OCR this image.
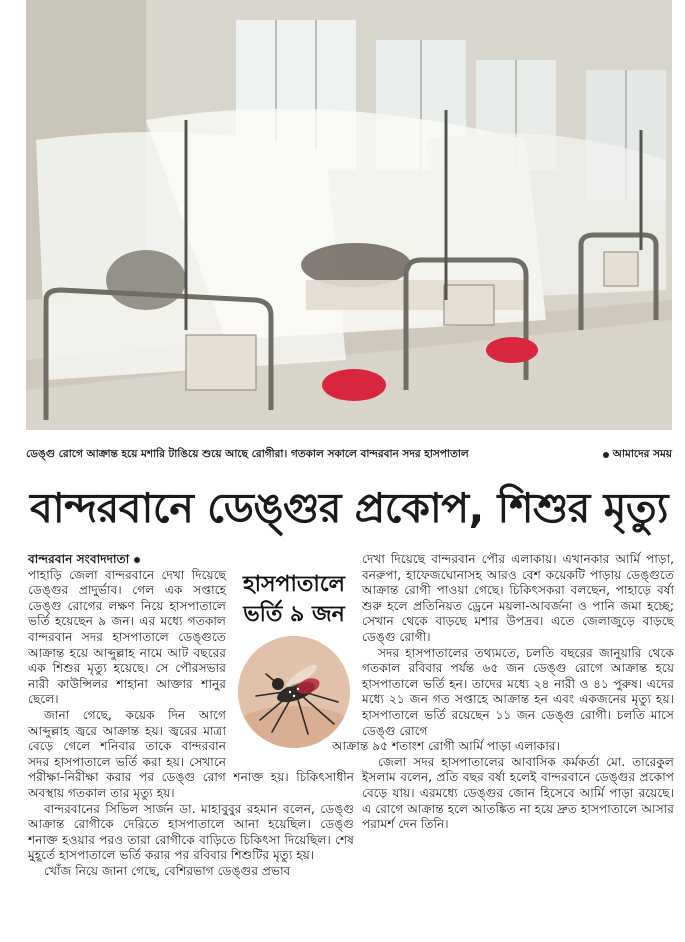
ডেঙ্গু রোগে আক্রান্ত হয়ে মশারি টাঙিয়ে শুয়ে আছে রোগীরা। গতকাল সকালে বান্দরবান সদর হাসপাতাল	আমাদের সময়
বান্দরবানে ডেঙ্গুর প্রকোপ, শিশুর মৃত্যু
বান্দরবান সংবাদদাতা
হাসপাতালে
ভর্তি ৯ জন

পাহাড়ি জেলা বান্দরবানে দেখা দিয়েছে ডেঙ্গুর প্রাদুর্ভাব। গেল এক সপ্তাহে ডেঙ্গু রোগের লক্ষণ নিয়ে হাসপাতালে ভর্তি হয়েছেন ৯ জন। এর মধ্যে গতকাল বান্দরবান সদর হাসপাতালে ডেঙ্গুতে আক্রান্ত হয়ে আব্দুল্লাহ নামে আট বছরের এক শিশুর মৃত্যু হয়েছে। সে পৌরসভার নারী কাউন্সিলর শাহানা আক্তার শানুর ছেলে।

জানা গেছে, কয়েক দিন আগে আব্দুল্লাহ জ্বরে আক্রান্ত হয়। জ্বরের মাত্রা বেড়ে গেলে শনিবার তাকে বান্দরবান সদর হাসপাতালে ভর্তি করা হয়। সেখানে পরীক্ষা-নিরীক্ষা করার পর ডেঙ্গু রোগ শনাক্ত হয়। চিকিৎসাধীন অবস্থায় গতকাল তার মৃত্যু হয়।

বান্দরবানের সিভিল সার্জন ডা. মাহাবুবুর রহমান বলেন, ডেঙ্গু আক্রান্ত রোগীকে দেরিতে হাসপাতালে আনা হয়েছিল। ডেঙ্গু শনাক্ত হওয়ার পরও তারা রোগীকে বাড়িতে চিকিৎসা দিয়েছিল। শেষ মুহূর্তে হাসপাতালে ভর্তি করার পর রবিবার শিশুটির মৃত্যু হয়।

খোঁজ নিয়ে জানা গেছে, বেশিরভাগ ডেঙ্গুর প্রভাব

দেখা দিয়েছে বান্দরবান পৌর এলাকায়। এখানকার আর্মি পাড়া, বনরুপা, হাফেজঘোনাসহ আরও বেশ কয়েকটি পাড়ায় ডেঙ্গুতে আক্রান্ত রোগী পাওয়া গেছে। চিকিৎসকরা বলছেন, পাহাড়ে বর্ষা শুরু হলে প্রতিনিয়ত ড্রেনে ময়লা-আবর্জনা ও পানি জমা হচ্ছে; সেখান থেকে বাড়ছে মশার উপদ্রব। এতে জেলাজুড়ে বাড়ছে ডেঙ্গু রোগী।

সদর হাসপাতালের তথ্যমতে, চলতি বছরের জানুয়ারি থেকে গতকাল রবিবার পর্যন্ত ৬৫ জন ডেঙ্গু রোগে আক্রান্ত হয়ে হাসপাতালে ভর্তি হন। তাদের মধ্যে ২৪ নারী ও ৪১ পুরুষ। এদের মধ্যে ২১ জন গত সপ্তাহে আক্রান্ত হন এবং একজনের মৃত্যু হয়। হাসপাতালে ভর্তি রয়েছেন ১১ জন ডেঙ্গু রোগী। চলতি মাসে ডেঙ্গু রোগে

আক্রান্ত ৯৫ শতাংশ রোগী আর্মি পাড়া এলাকার।

জেলা সদর হাসপাতালের আবাসিক কর্মকর্তা মো. তারেকুল ইসলাম বলেন, প্রতি বছর বর্ষা হলেই বান্দরবানে ডেঙ্গুর প্রকোপ বেড়ে যায়। এরমধ্যে ডেঙ্গুর জোন হিসেবে আর্মি পাড়া রয়েছে। এ রোগে আক্রান্ত হলে আতঙ্কিত না হয়ে দ্রুত হাসপাতালে আসার পরামর্শ দেন তিনি।
